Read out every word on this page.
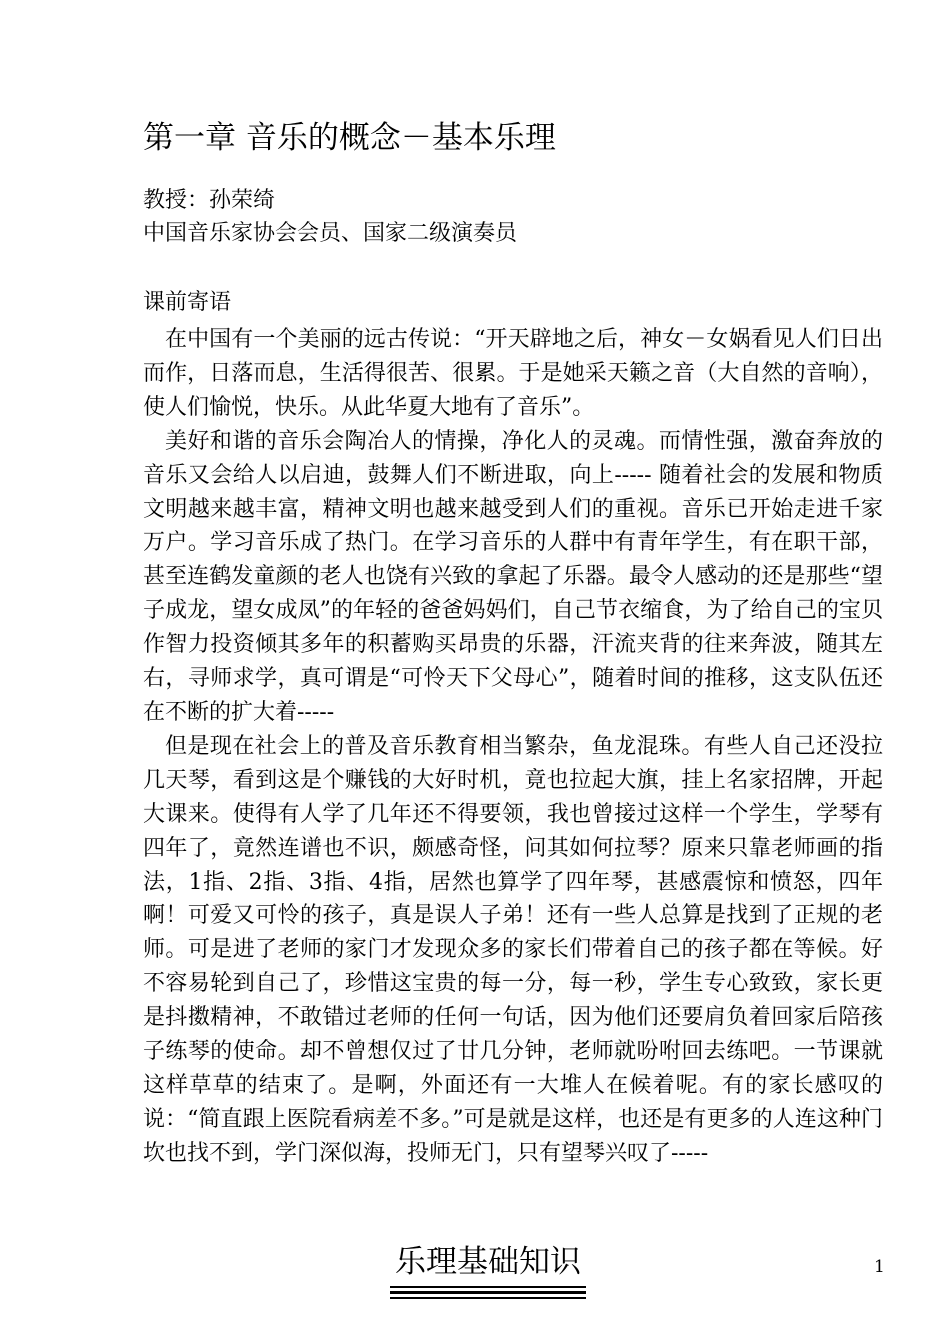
第一章 音乐的概念－基本乐理
教授：孙荣绮
中国音乐家协会会员、国家二级演奏员
课前寄语

在中国有一个美丽的远古传说：“开天辟地之后，神女－女娲看见人们日出而作，日落而息，生活得很苦、很累。于是她采天籁之音（大自然的音响），使人们愉悦，快乐。从此华夏大地有了音乐”。

美好和谐的音乐会陶冶人的情操，净化人的灵魂。而情性强，激奋奔放的音乐又会给人以启迪，鼓舞人们不断进取，向上----- 随着社会的发展和物质文明越来越丰富，精神文明也越来越受到人们的重视。音乐已开始走进千家万户。学习音乐成了热门。在学习音乐的人群中有青年学生，有在职干部，甚至连鹤发童颜的老人也饶有兴致的拿起了乐器。最令人感动的还是那些“望子成龙，望女成凤”的年轻的爸爸妈妈们，自己节衣缩食，为了给自己的宝贝作智力投资倾其多年的积蓄购买昂贵的乐器，汗流夹背的往来奔波，随其左右，寻师求学，真可谓是“可怜天下父母心”，随着时间的推移，这支队伍还在不断的扩大着-----

但是现在社会上的普及音乐教育相当繁杂，鱼龙混珠。有些人自己还没拉几天琴，看到这是个赚钱的大好时机，竟也拉起大旗，挂上名家招牌，开起大课来。使得有人学了几年还不得要领，我也曾接过这样一个学生，学琴有四年了，竟然连谱也不识，颇感奇怪，问其如何拉琴？原来只靠老师画的指法，1指、2指、3指、4指，居然也算学了四年琴，甚感震惊和愤怒，四年啊！可爱又可怜的孩子，真是误人子弟！还有一些人总算是找到了正规的老师。可是进了老师的家门才发现众多的家长们带着自己的孩子都在等候。好不容易轮到自己了，珍惜这宝贵的每一分，每一秒，学生专心致致，家长更是抖擞精神，不敢错过老师的任何一句话，因为他们还要肩负着回家后陪孩子练琴的使命。却不曾想仅过了廿几分钟，老师就吩咐回去练吧。一节课就这样草草的结束了。是啊，外面还有一大堆人在候着呢。有的家长感叹的说：“简直跟上医院看病差不多。”可是就是这样，也还是有更多的人连这种门坎也找不到，学门深似海，投师无门，只有望琴兴叹了-----

乐理基础知识	1
